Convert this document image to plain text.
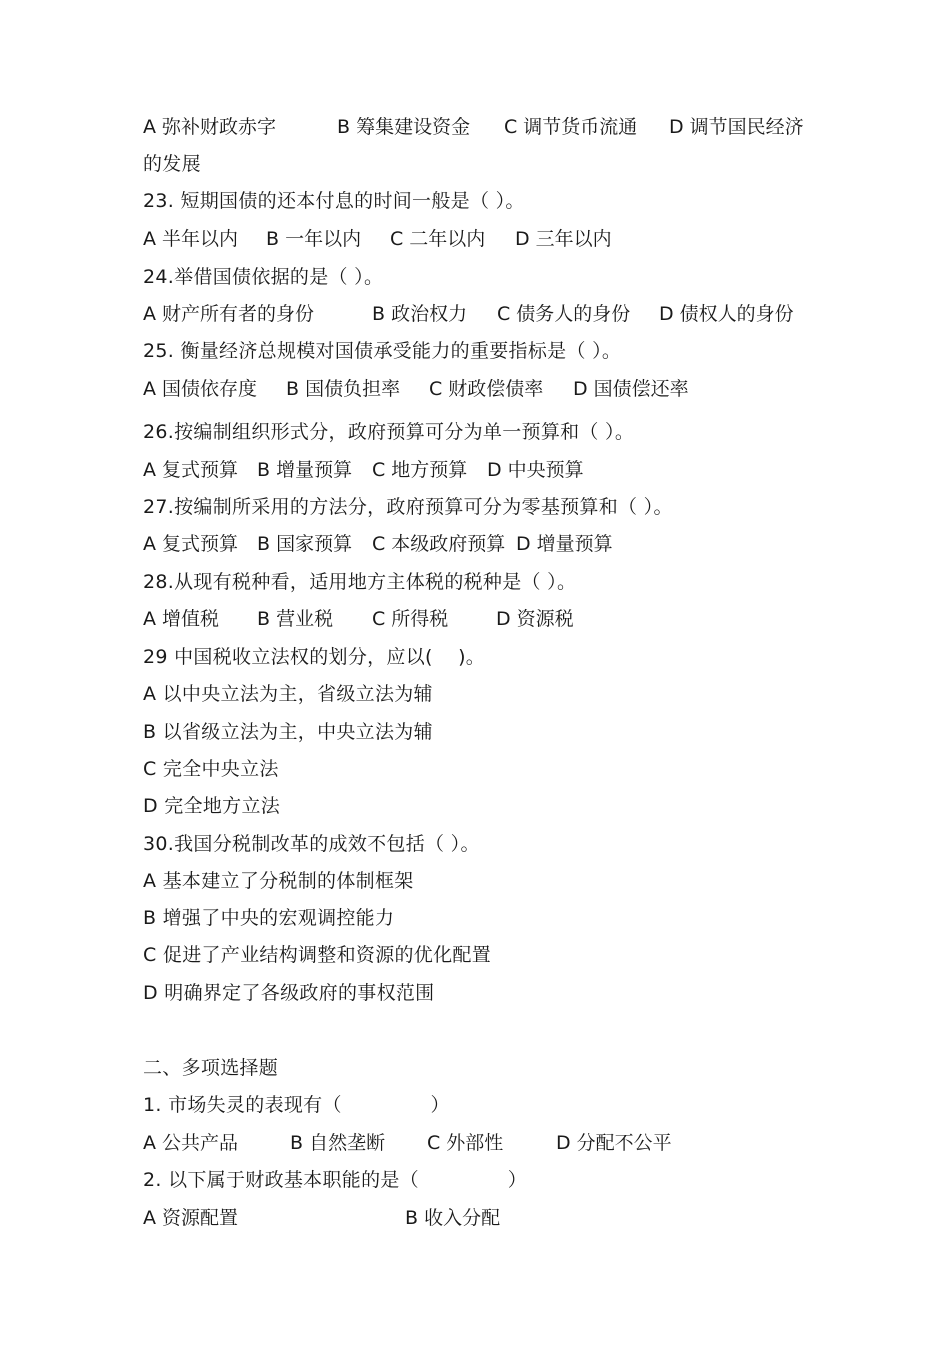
A 弥补财政赤字	B 筹集建设资金 C 调节货币流通 D 调节国民经济
的发展
23. 短期国债的还本付息的时间一般是（ ）。
A 半年以内 B 一年以内 C 二年以内 D 三年以内
24.举借国债依据的是（ ）。
A 财产所有者的身份	B 政治权力 C 债务人的身份 D 债权人的身份
25. 衡量经济总规模对国债承受能力的重要指标是（ ）。
A 国债依存度 B 国债负担率 C 财政偿债率 D 国债偿还率
26.按编制组织形式分，政府预算可分为单一预算和（ ）。
A 复式预算 B 增量预算 C 地方预算 D 中央预算
27.按编制所采用的方法分，政府预算可分为零基预算和（ ）。
A 复式预算 B 国家预算 C 本级政府预算 D 增量预算
28.从现有税种看，适用地方主体税的税种是（ ）。
A 增值税 B 营业税 C 所得税	D 资源税
29 中国税收立法权的划分，应以(    )。
A 以中央立法为主，省级立法为辅
B 以省级立法为主，中央立法为辅
C 完全中央立法
D 完全地方立法
30.我国分税制改革的成效不包括（ ）。
A 基本建立了分税制的体制框架
B 增强了中央的宏观调控能力
C 促进了产业结构调整和资源的优化配置
D 明确界定了各级政府的事权范围
二、多项选择题
1. 市场失灵的表现有（              ）
A 公共产品	B 自然垄断 C 外部性	D 分配不公平
2. 以下属于财政基本职能的是（              ）
A 资源配置	B 收入分配
